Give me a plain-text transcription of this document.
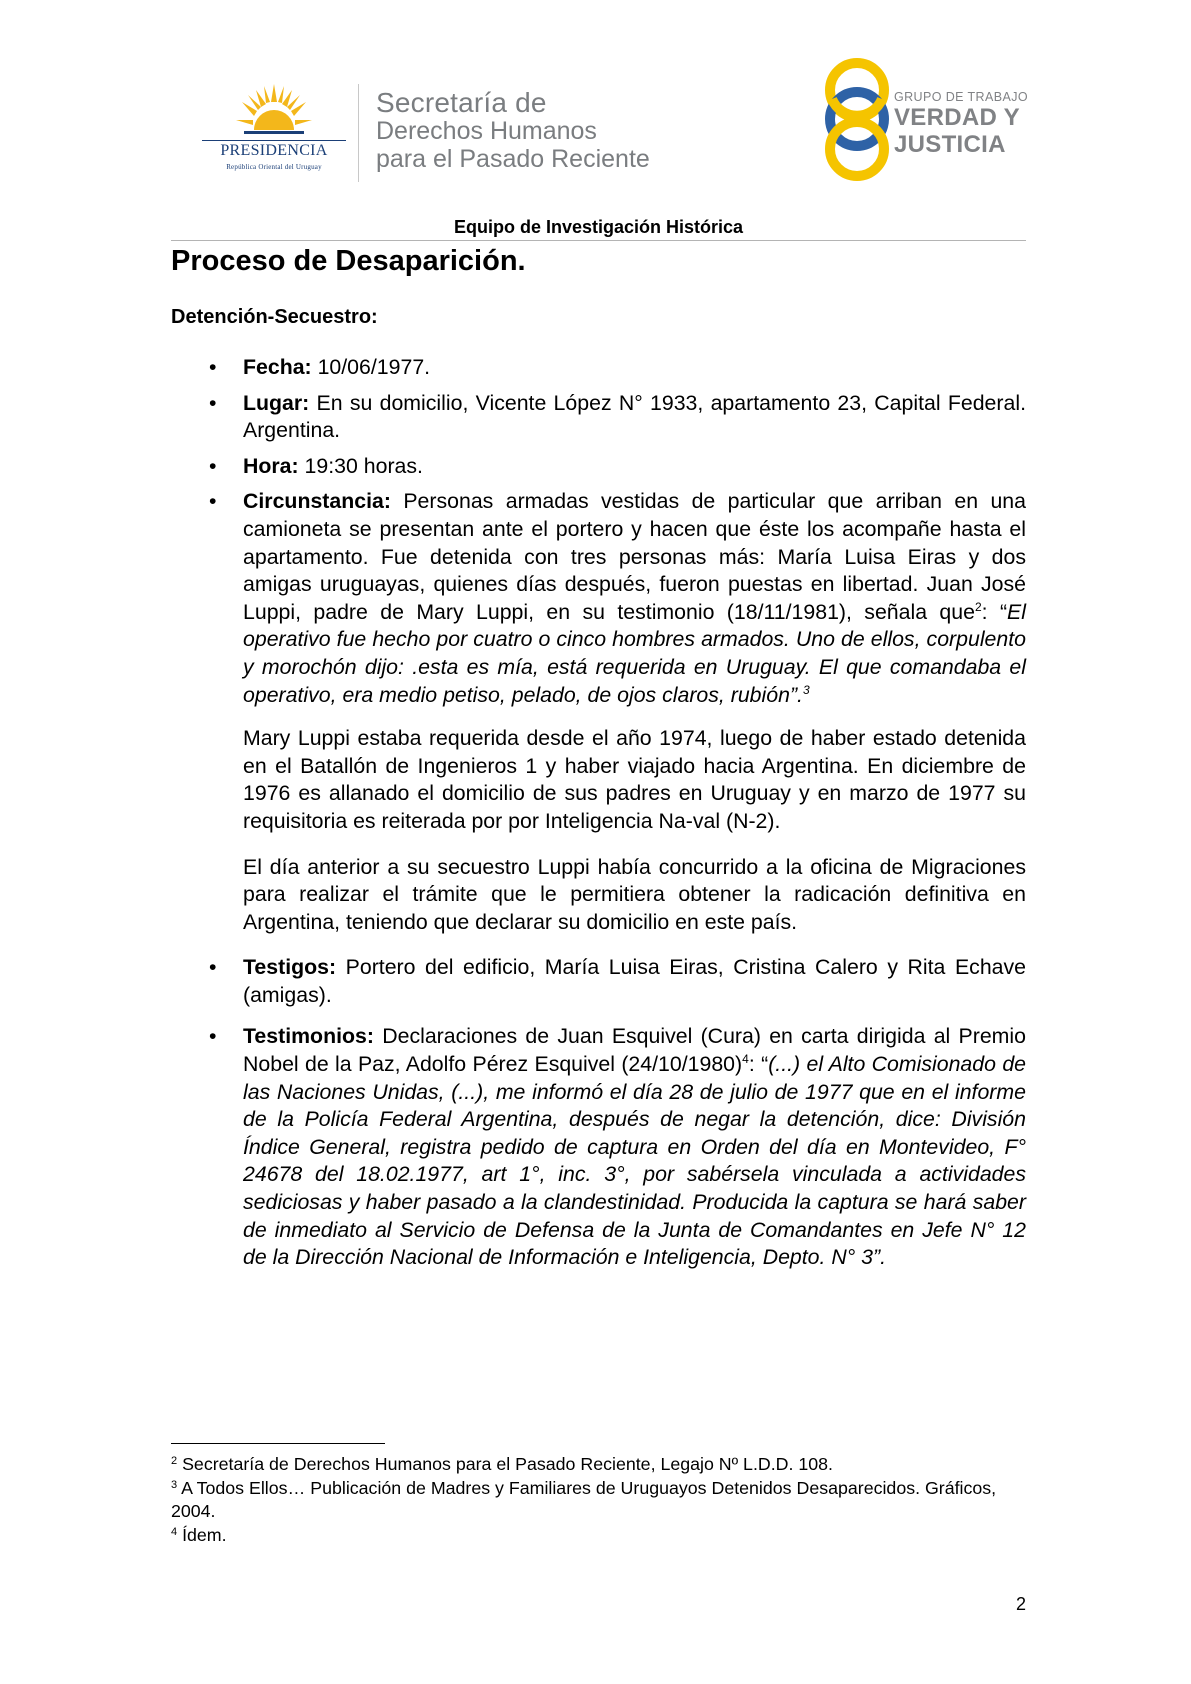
PRESIDENCIA
República Oriental del Uruguay
Secretaría de
Derechos Humanos
para el Pasado Reciente
GRUPO DE TRABAJO
VERDAD Y
JUSTICIA
Equipo de Investigación Histórica
Proceso de Desaparición.
Detención-Secuestro:
• Fecha: 10/06/1977.
• Lugar: En su domicilio, Vicente López N° 1933, apartamento 23, Capital Federal. Argentina.
• Hora: 19:30 horas.
• Circunstancia: Personas armadas vestidas de particular que arriban en una camioneta se presentan ante el portero y hacen que éste los acompañe hasta el apartamento. Fue detenida con tres personas más: María Luisa Eiras y dos amigas uruguayas, quienes días después, fueron puestas en libertad. Juan José Luppi, padre de Mary Luppi, en su testimonio (18/11/1981), señala que$^2$: “El operativo fue hecho por cuatro o cinco hombres armados. Uno de ellos, corpulento y morochón dijo: .esta es mía, está requerida en Uruguay. El que comandaba el operativo, era medio petiso, pelado, de ojos claros, rubión”.$^3$
Mary Luppi estaba requerida desde el año 1974, luego de haber estado detenida en el Batallón de Ingenieros 1 y haber viajado hacia Argentina. En diciembre de 1976 es allanado el domicilio de sus padres en Uruguay y en marzo de 1977 su requisitoria es reiterada por por Inteligencia Na-val (N-2).
El día anterior a su secuestro Luppi había concurrido a la oficina de Migraciones para realizar el trámite que le permitiera obtener la radicación definitiva en Argentina, teniendo que declarar su domicilio en este país.
• Testigos: Portero del edificio, María Luisa Eiras, Cristina Calero y Rita Echave (amigas).
• Testimonios: Declaraciones de Juan Esquivel (Cura) en carta dirigida al Premio Nobel de la Paz, Adolfo Pérez Esquivel $(24/10/1980)^4$: “(...) el Alto Comisionado de las Naciones Unidas, (...), me informó el día 28 de julio de 1977 que en el informe de la Policía Federal Argentina, después de negar la detención, dice: División Índice General, registra pedido de captura en Orden del día en Montevideo, F° 24678 del 18.02.1977, art 1°, inc. 3°, por sabérsela vinculada a actividades sediciosas y haber pasado a la clandestinidad. Producida la captura se hará saber de inmediato al Servicio de Defensa de la Junta de Comandantes en Jefe N° 12 de la Dirección Nacional de Información e Inteligencia, Depto. N° 3”.
$^2$ Secretaría de Derechos Humanos para el Pasado Reciente, Legajo Nº L.D.D. 108.
$^3$ A Todos Ellos… Publicación de Madres y Familiares de Uruguayos Detenidos Desaparecidos. Gráficos, 2004.
$^4$ Ídem.
2
